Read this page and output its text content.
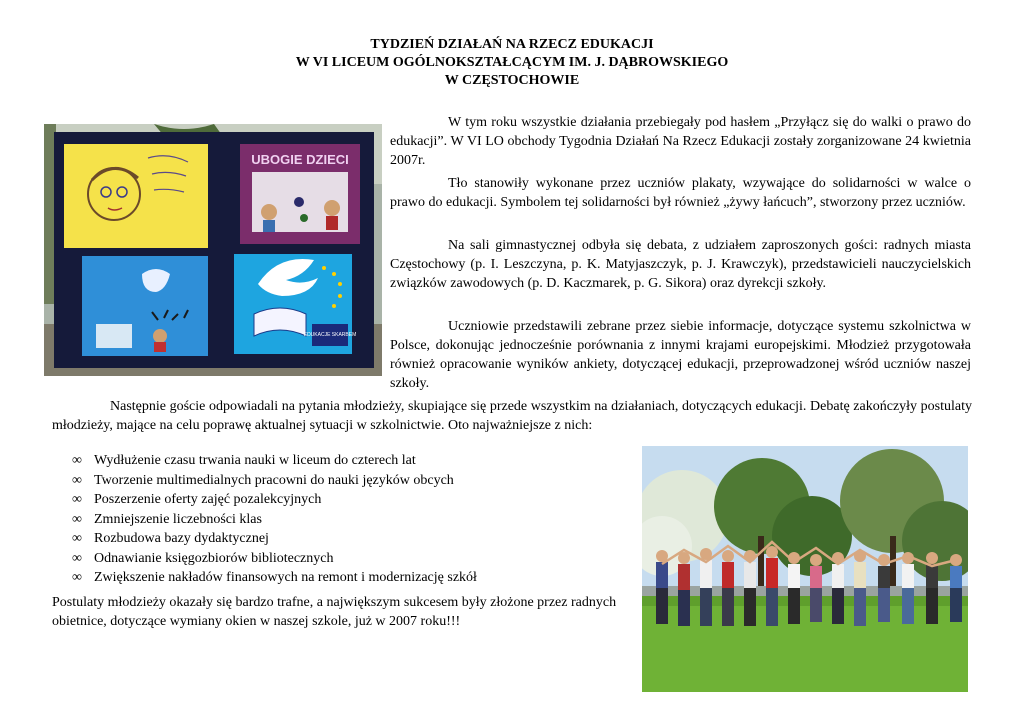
TYDZIEŃ DZIAŁAŃ NA RZECZ EDUKACJI
W VI LICEUM OGÓLNOKSZTAŁCĄCYM IM. J. DĄBROWSKIEGO
W CZĘSTOCHOWIE
UBOGIE DZIECI
EDUKACJE SKARBEM

W tym roku wszystkie działania przebiegały pod hasłem „Przyłącz się do walki o prawo do edukacji”. W VI LO obchody Tygodnia Działań Na Rzecz Edukacji zostały zorganizowane 24 kwietnia 2007r.

Tło stanowiły wykonane przez uczniów plakaty, wzywające do solidarności w walce o prawo do edukacji. Symbolem tej solidarności był również „żywy łańcuch”, stworzony przez uczniów.

Na sali gimnastycznej odbyła się debata, z udziałem zaproszonych gości: radnych miasta Częstochowy (p. I. Leszczyna, p. K. Matyjaszczyk, p. J. Krawczyk), przedstawicieli nauczycielskich związków zawodowych (p. D. Kaczmarek, p. G. Sikora) oraz dyrekcji szkoły.

Uczniowie przedstawili zebrane przez siebie informacje, dotyczące systemu szkolnictwa w Polsce, dokonując jednocześnie porównania z innymi krajami europejskimi. Młodzież przygotowała również opracowanie wyników ankiety, dotyczącej edukacji, przeprowadzonej wśród uczniów naszej szkoły.

Następnie goście odpowiadali na pytania młodzieży, skupiające się przede wszystkim na działaniach, dotyczących edukacji. Debatę zakończyły postulaty młodzieży, mające na celu poprawę aktualnej sytuacji w szkolnictwie. Oto najważniejsze z nich:

∞ Wydłużenie czasu trwania nauki w liceum do czterech lat
∞ Tworzenie multimedialnych pracowni do nauki języków obcych
∞ Poszerzenie oferty zajęć pozalekcyjnych
∞ Zmniejszenie liczebności klas
∞ Rozbudowa bazy dydaktycznej
∞ Odnawianie księgozbiorów bibliotecznych
∞ Zwiększenie nakładów finansowych na remont i modernizację szkół

Postulaty młodzieży okazały się bardzo trafne, a największym sukcesem były złożone przez radnych obietnice, dotyczące wymiany okien w naszej szkole, już w 2007 roku!!!
